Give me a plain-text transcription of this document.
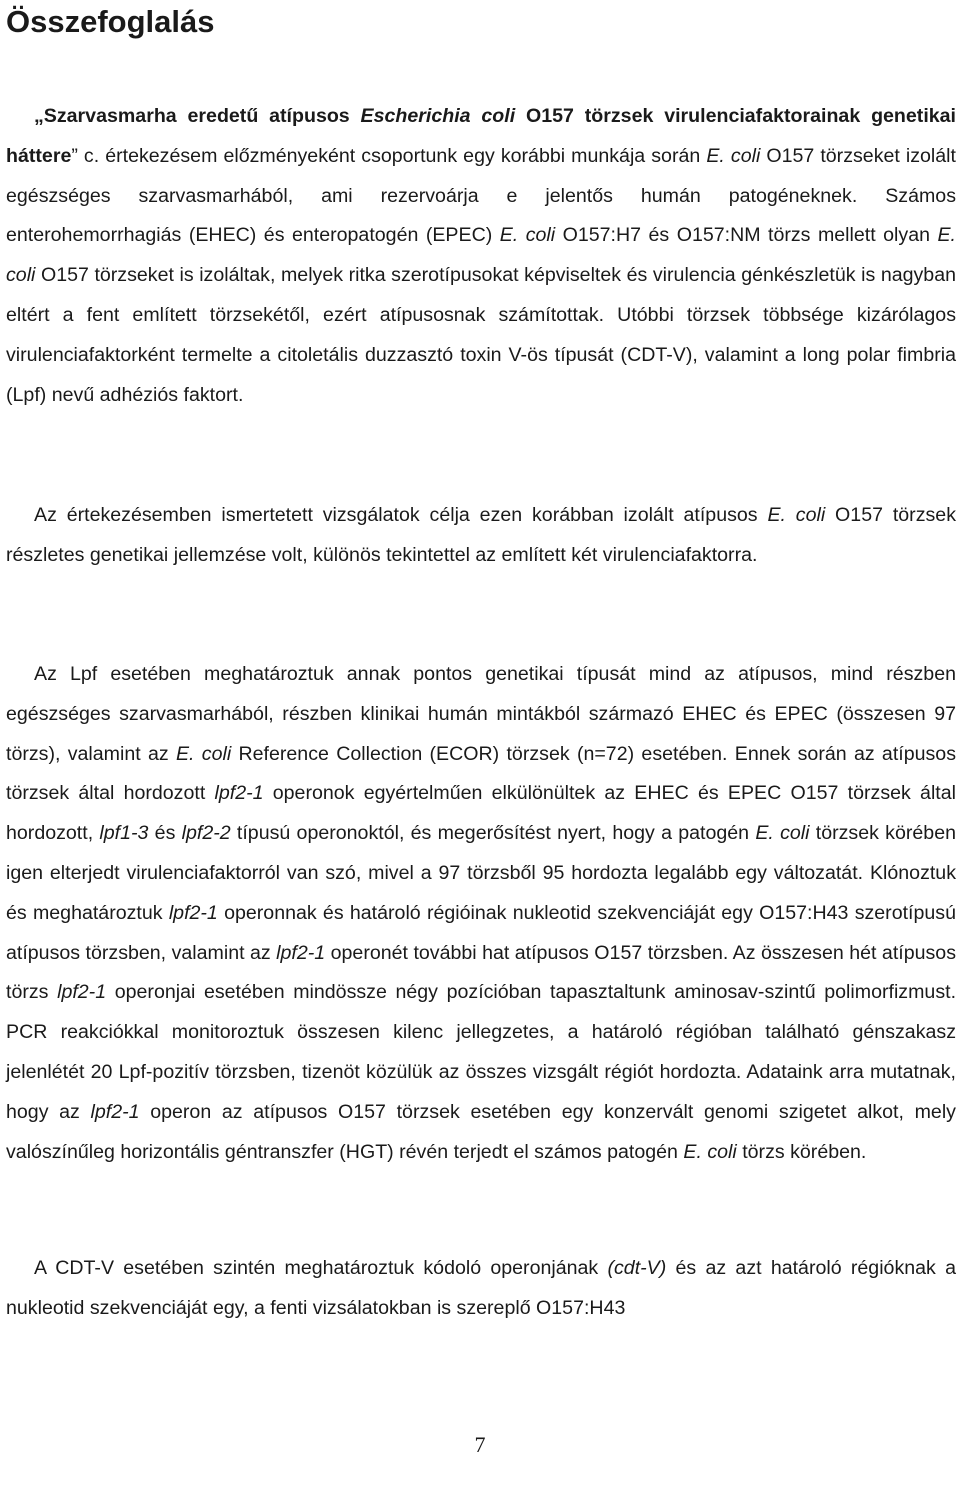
Összefoglalás

„Szarvasmarha eredetű atípusos Escherichia coli O157 törzsek virulenciafaktorainak genetikai háttere” c. értekezésem előzményeként csoportunk egy korábbi munkája során E. coli O157 törzseket izolált egészséges szarvasmarhából, ami rezervoárja e jelentős humán patogéneknek. Számos enterohemorrhagiás (EHEC) és enteropatogén (EPEC) E. coli O157:H7 és O157:NM törzs mellett olyan E. coli O157 törzseket is izoláltak, melyek ritka szerotípusokat képviseltek és virulencia génkészletük is nagyban eltért a fent említett törzsekétől, ezért atípusosnak számítottak. Utóbbi törzsek többsége kizárólagos virulenciafaktorként termelte a citoletális duzzasztó toxin V-ös típusát (CDT-V), valamint a long polar fimbria (Lpf) nevű adhéziós faktort.

Az értekezésemben ismertetett vizsgálatok célja ezen korábban izolált atípusos E. coli O157 törzsek részletes genetikai jellemzése volt, különös tekintettel az említett két virulenciafaktorra.

Az Lpf esetében meghatároztuk annak pontos genetikai típusát mind az atípusos, mind részben egészséges szarvasmarhából, részben klinikai humán mintákból származó EHEC és EPEC (összesen 97 törzs), valamint az E. coli Reference Collection (ECOR) törzsek (n=72) esetében. Ennek során az atípusos törzsek által hordozott lpf2-1 operonok egyértelműen elkülönültek az EHEC és EPEC O157 törzsek által hordozott, lpf1-3 és lpf2-2 típusú operonoktól, és megerősítést nyert, hogy a patogén E. coli törzsek körében igen elterjedt virulenciafaktorról van szó, mivel a 97 törzsből 95 hordozta legalább egy változatát. Klónoztuk és meghatároztuk lpf2-1 operonnak és határoló régióinak nukleotid szekvenciáját egy O157:H43 szerotípusú atípusos törzsben, valamint az lpf2-1 operonét további hat atípusos O157 törzsben. Az összesen hét atípusos törzs lpf2-1 operonjai esetében mindössze négy pozícióban tapasztaltunk aminosav-szintű polimorfizmust. PCR reakciókkal monitoroztuk összesen kilenc jellegzetes, a határoló régióban található génszakasz jelenlétét 20 Lpf-pozitív törzsben, tizenöt közülük az összes vizsgált régiót hordozta. Adataink arra mutatnak, hogy az lpf2-1 operon az atípusos O157 törzsek esetében egy konzervált genomi szigetet alkot, mely valószínűleg horizontális géntranszfer (HGT) révén terjedt el számos patogén E. coli törzs körében.

A CDT-V esetében szintén meghatároztuk kódoló operonjának (cdt-V) és az azt határoló régióknak a nukleotid szekvenciáját egy, a fenti vizsálatokban is szereplő O157:H43

7
